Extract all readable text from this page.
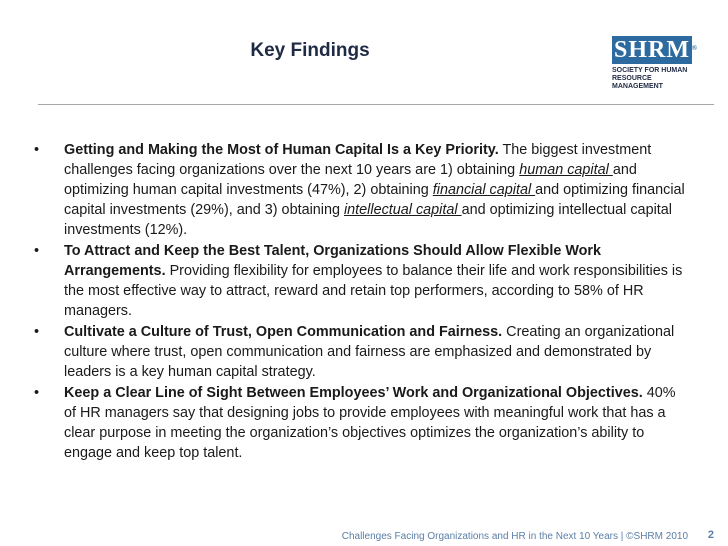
Key Findings	SHRM ®
SOCIETY FOR HUMAN
RESOURCE MANAGEMENT
• Getting and Making the Most of Human Capital Is a Key Priority. The biggest investment challenges facing organizations over the next 10 years are 1) obtaining human capital and optimizing human capital investments (47%), 2) obtaining financial capital and optimizing financial capital investments (29%), and 3) obtaining intellectual capital and optimizing intellectual capital investments (12%).
• To Attract and Keep the Best Talent, Organizations Should Allow Flexible Work Arrangements. Providing flexibility for employees to balance their life and work responsibilities is the most effective way to attract, reward and retain top performers, according to 58% of HR managers.
• Cultivate a Culture of Trust, Open Communication and Fairness. Creating an organizational culture where trust, open communication and fairness are emphasized and demonstrated by leaders is a key human capital strategy.
• Keep a Clear Line of Sight Between Employees’ Work and Organizational Objectives. 40% of HR managers say that designing jobs to provide employees with meaningful work that has a clear purpose in meeting the organization’s objectives optimizes the organization’s ability to engage and keep top talent.
Challenges Facing Organizations and HR in the Next 10 Years | ©SHRM 2010 2
